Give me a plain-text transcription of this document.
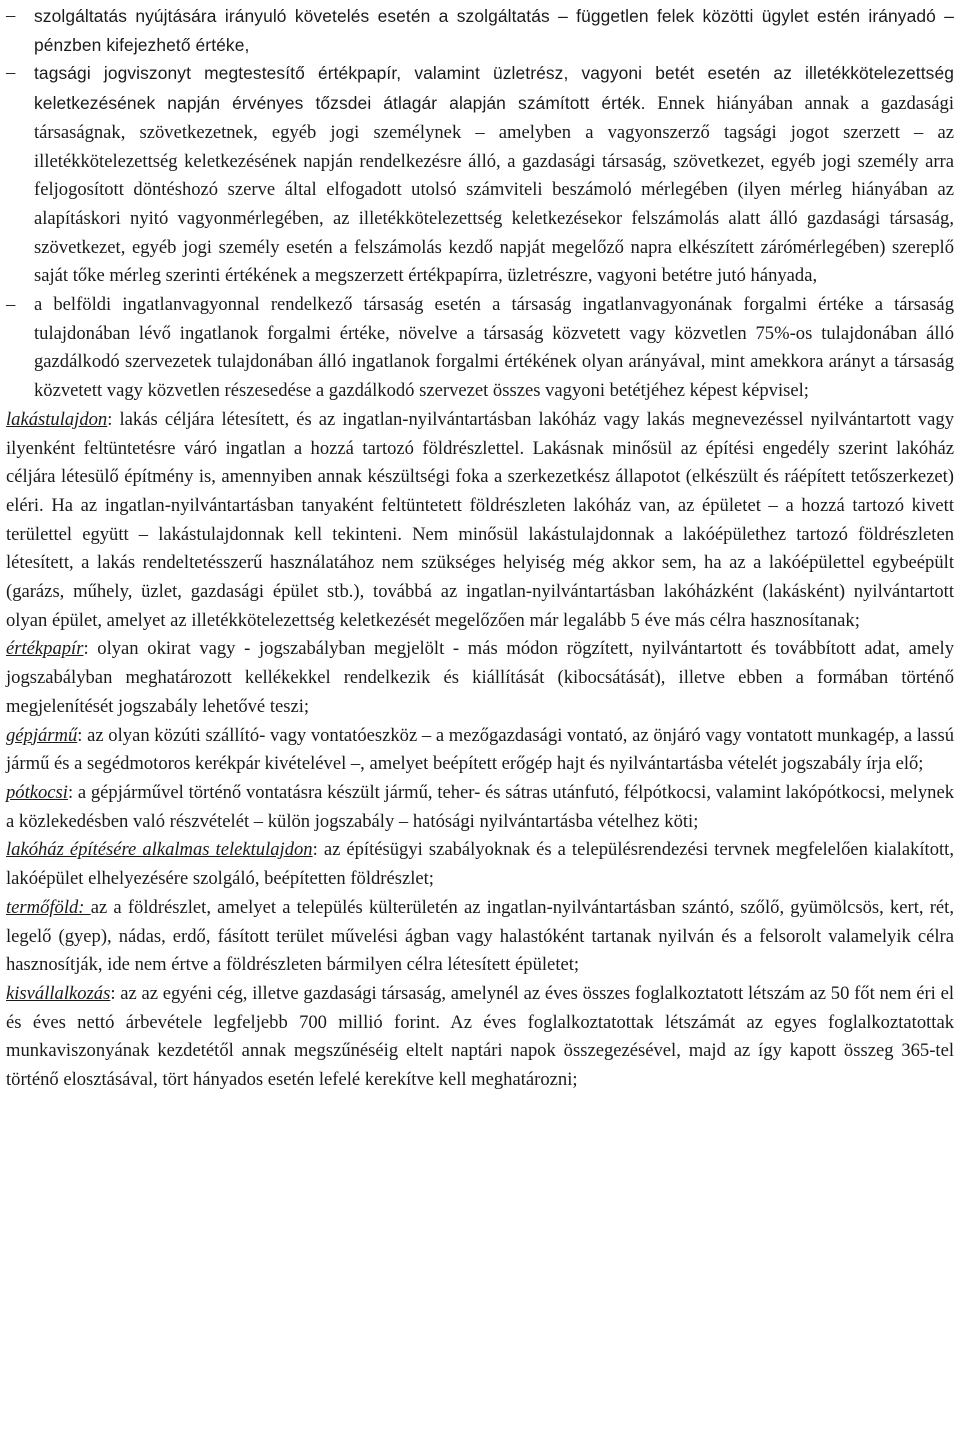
–	szolgáltatás nyújtására irányuló követelés esetén a szolgáltatás – független felek közötti ügylet estén irányadó – pénzben kifejezhető értéke,
–	tagsági jogviszonyt megtestesítő értékpapír, valamint üzletrész, vagyoni betét esetén az illetékkötelezettség keletkezésének napján érvényes tőzsdei átlagár alapján számított érték. Ennek hiányában annak a gazdasági társaságnak, szövetkezetnek, egyéb jogi személynek – amelyben a vagyonszerző tagsági jogot szerzett – az illetékkötelezettség keletkezésének napján rendelkezésre álló, a gazdasági társaság, szövetkezet, egyéb jogi személy arra feljogosított döntéshozó szerve által elfogadott utolsó számviteli beszámoló mérlegében (ilyen mérleg hiányában az alapításkori nyitó vagyonmérlegében, az illetékkötelezettség keletkezésekor felszámolás alatt álló gazdasági társaság, szövetkezet, egyéb jogi személy esetén a felszámolás kezdő napját megelőző napra elkészített zárómérlegében) szereplő saját tőke mérleg szerinti értékének a megszerzett értékpapírra, üzletrészre, vagyoni betétre jutó hányada,
–	a belföldi ingatlanvagyonnal rendelkező társaság esetén a társaság ingatlanvagyonának forgalmi értéke a társaság tulajdonában lévő ingatlanok forgalmi értéke, növelve a társaság közvetett vagy közvetlen 75%-os tulajdonában álló gazdálkodó szervezetek tulajdonában álló ingatlanok forgalmi értékének olyan arányával, mint amekkora arányt a társaság közvetett vagy közvetlen részesedése a gazdálkodó szervezet összes vagyoni betétjéhez képest képvisel;

lakástulajdon: lakás céljára létesített, és az ingatlan-nyilvántartásban lakóház vagy lakás megnevezéssel nyilvántartott vagy ilyenként feltüntetésre váró ingatlan a hozzá tartozó földrészlettel. Lakásnak minősül az építési engedély szerint lakóház céljára létesülő építmény is, amennyiben annak készültségi foka a szerkezetkész állapotot (elkészült és ráépített tetőszerkezet) eléri. Ha az ingatlan-nyilvántartásban tanyaként feltüntetett földrészleten lakóház van, az épületet – a hozzá tartozó kivett területtel együtt – lakástulajdonnak kell tekinteni. Nem minősül lakástulajdonnak a lakóépülethez tartozó földrészleten létesített, a lakás rendeltetésszerű használatához nem szükséges helyiség még akkor sem, ha az a lakóépülettel egybeépült (garázs, műhely, üzlet, gazdasági épület stb.), továbbá az ingatlan-nyilvántartásban lakóházként (lakásként) nyilvántartott olyan épület, amelyet az illetékkötelezettség keletkezését megelőzően már legalább 5 éve más célra hasznosítanak;

értékpapír: olyan okirat vagy - jogszabályban megjelölt - más módon rögzített, nyilvántartott és továbbított adat, amely jogszabályban meghatározott kellékekkel rendelkezik és kiállítását (kibocsátását), illetve ebben a formában történő megjelenítését jogszabály lehetővé teszi;

gépjármű: az olyan közúti szállító- vagy vontatóeszköz – a mezőgazdasági vontató, az önjáró vagy vontatott munkagép, a lassú jármű és a segédmotoros kerékpár kivételével –, amelyet beépített erőgép hajt és nyilvántartásba vételét jogszabály írja elő;

pótkocsi: a gépjárművel történő vontatásra készült jármű, teher- és sátras utánfutó, félpótkocsi, valamint lakópótkocsi, melynek a közlekedésben való részvételét – külön jogszabály – hatósági nyilvántartásba vételhez köti;

lakóház építésére alkalmas telektulajdon: az építésügyi szabályoknak és a településrendezési tervnek megfelelően kialakított, lakóépület elhelyezésére szolgáló, beépítetten földrészlet;

termőföld: az a földrészlet, amelyet a település külterületén az ingatlan-nyilvántartásban szántó, szőlő, gyümölcsös, kert, rét, legelő (gyep), nádas, erdő, fásított terület művelési ágban vagy halastóként tartanak nyilván és a felsorolt valamelyik célra hasznosítják, ide nem értve a földrészleten bármilyen célra létesített épületet;

kisvállalkozás: az az egyéni cég, illetve gazdasági társaság, amelynél az éves összes foglalkoztatott létszám az 50 főt nem éri el és éves nettó árbevétele legfeljebb 700 millió forint. Az éves foglalkoztatottak létszámát az egyes foglalkoztatottak munkaviszonyának kezdetétől annak megszűnéséig eltelt naptári napok összegezésével, majd az így kapott összeg 365-tel történő elosztásával, tört hányados esetén lefelé kerekítve kell meghatározni;
